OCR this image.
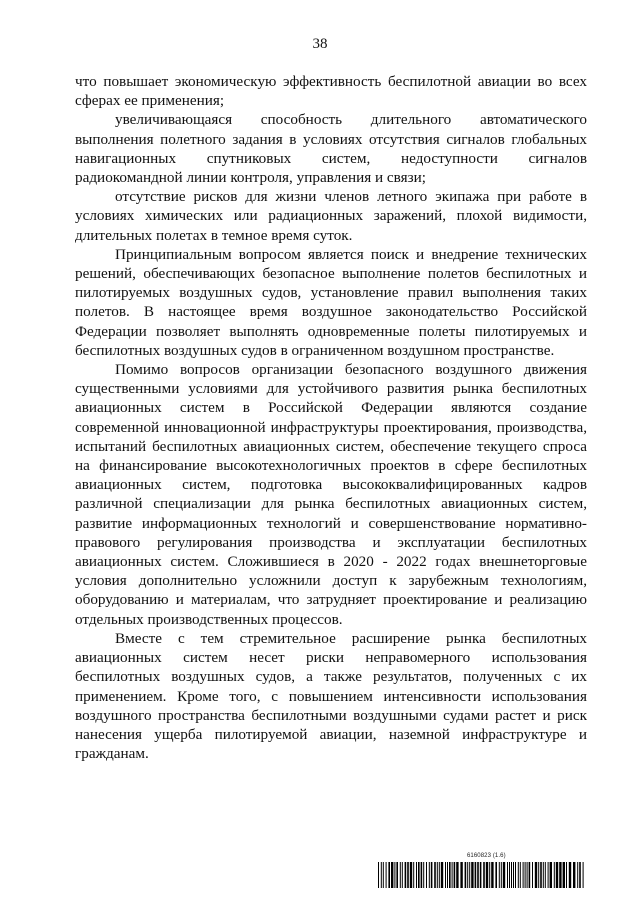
38

что повышает экономическую эффективность беспилотной авиации во всех сферах ее применения;

увеличивающаяся способность длительного автоматического выполнения полетного задания в условиях отсутствия сигналов глобальных навигационных спутниковых систем, недоступности сигналов радиокомандной линии контроля, управления и связи;

отсутствие рисков для жизни членов летного экипажа при работе в условиях химических или радиационных заражений, плохой видимости, длительных полетах в темное время суток.

Принципиальным вопросом является поиск и внедрение технических решений, обеспечивающих безопасное выполнение полетов беспилотных и пилотируемых воздушных судов, установление правил выполнения таких полетов. В настоящее время воздушное законодательство Российской Федерации позволяет выполнять одновременные полеты пилотируемых и беспилотных воздушных судов в ограниченном воздушном пространстве.

Помимо вопросов организации безопасного воздушного движения существенными условиями для устойчивого развития рынка беспилотных авиационных систем в Российской Федерации являются создание современной инновационной инфраструктуры проектирования, производства, испытаний беспилотных авиационных систем, обеспечение текущего спроса на финансирование высокотехнологичных проектов в сфере беспилотных авиационных систем, подготовка высококвалифицированных кадров различной специализации для рынка беспилотных авиационных систем, развитие информационных технологий и совершенствование нормативно-правового регулирования производства и эксплуатации беспилотных авиационных систем. Сложившиеся в 2020 - 2022 годах внешнеторговые условия дополнительно усложнили доступ к зарубежным технологиям, оборудованию и материалам, что затрудняет проектирование и реализацию отдельных производственных процессов.

Вместе с тем стремительное расширение рынка беспилотных авиационных систем несет риски неправомерного использования беспилотных воздушных судов, а также результатов, полученных с их применением. Кроме того, с повышением интенсивности использования воздушного пространства беспилотными воздушными судами растет и риск нанесения ущерба пилотируемой авиации, наземной инфраструктуре и гражданам.

6160823 (1.6)
